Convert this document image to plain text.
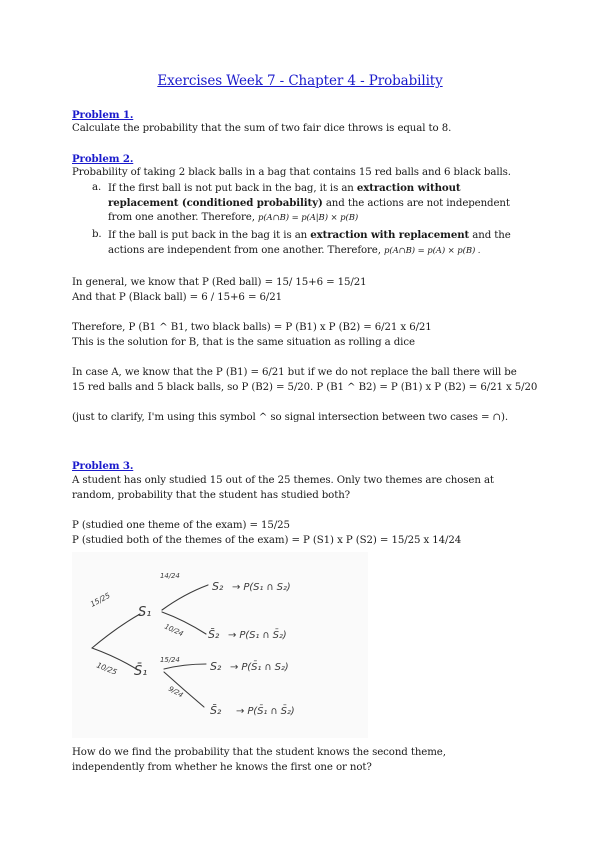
Exercises Week 7 - Chapter 4 - Probability
Problem 1.
Calculate the probability that the sum of two fair dice throws is equal to 8.
Problem 2.
Probability of taking 2 black balls in a bag that contains 15 red balls and 6 black balls.
a. If the first ball is not put back in the bag, it is an extraction without
replacement (conditioned probability) and the actions are not independent
from one another. Therefore, p(A∩B) = p(A|B) × p(B)
b. If the ball is put back in the bag it is an extraction with replacement and the
actions are independent from one another. Therefore, p(A∩B) = p(A) × p(B) .
In general, we know that P (Red ball) = 15/ 15+6 = 15/21
And that P (Black ball) = 6 / 15+6 = 6/21
Therefore, P (B1 ^ B1, two black balls) = P (B1) x P (B2) = 6/21 x 6/21
This is the solution for B, that is the same situation as rolling a dice
In case A, we know that the P (B1) = 6/21 but if we do not replace the ball there will be
15 red balls and 5 black balls, so P (B2) = 5/20. P (B1 ^ B2) = P (B1) x P (B2) = 6/21 x 5/20
(just to clarify, I'm using this symbol ^ so signal intersection between two cases = ∩).
Problem 3.
A student has only studied 15 out of the 25 themes. Only two themes are chosen at
random, probability that the student has studied both?
P (studied one theme of the exam) = 15/25
P (studied both of the themes of the exam) = P (S1) x P (S2) = 15/25 x 14/24
15/25
10/25
S₁
S̄₁
14/24
10/24
15/24
9/24
S₂ → P(S₁ ∩ S₂)
S̄₂ → P(S₁ ∩ S̄₂)
S₂ → P(S̄₁ ∩ S₂)
S̄₂ → P(S̄₁ ∩ S̄₂)
How do we find the probability that the student knows the second theme,
independently from whether he knows the first one or not?
